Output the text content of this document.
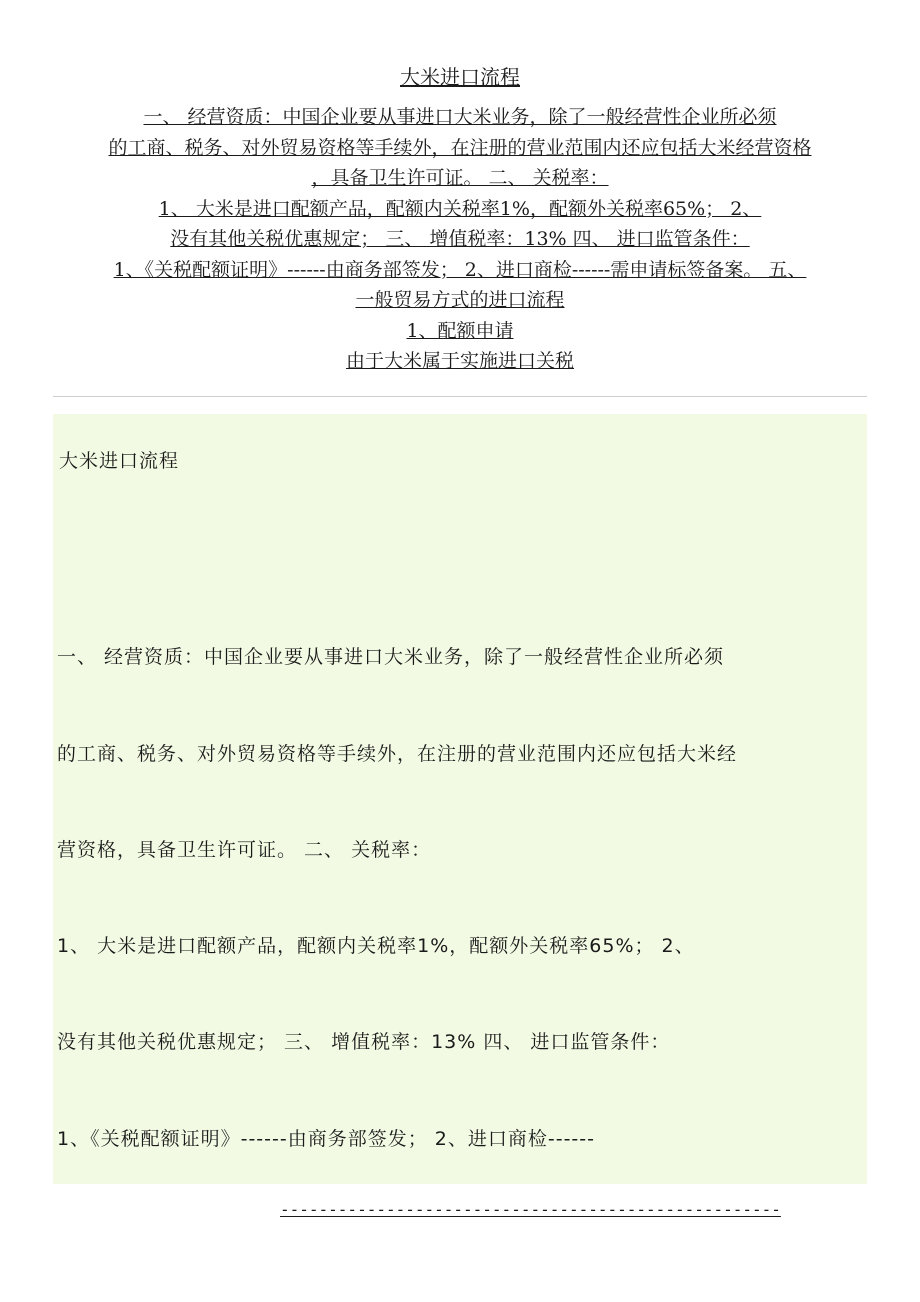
大米进口流程
一、 经营资质：中国企业要从事进口大米业务，除了一般经营性企业所必须
的工商、税务、对外贸易资格等手续外，在注册的营业范围内还应包括大米经营资格
，具备卫生许可证。 二、 关税率：
1、 大米是进口配额产品，配额内关税率1%，配额外关税率65%； 2、
没有其他关税优惠规定； 三、 增值税率：13% 四、 进口监管条件：
1、《关税配额证明》------由商务部签发； 2、进口商检------需申请标签备案。 五、
一般贸易方式的进口流程
1、配额申请
由于大米属于实施进口关税
大米进口流程
一、 经营资质：中国企业要从事进口大米业务，除了一般经营性企业所必须
的工商、税务、对外贸易资格等手续外，在注册的营业范围内还应包括大米经
营资格，具备卫生许可证。 二、 关税率：
1、 大米是进口配额产品，配额内关税率1%，配额外关税率65%； 2、
没有其他关税优惠规定； 三、 增值税率：13% 四、 进口监管条件：
1、《关税配额证明》------由商务部签发； 2、进口商检------
----------------------------------------------------
